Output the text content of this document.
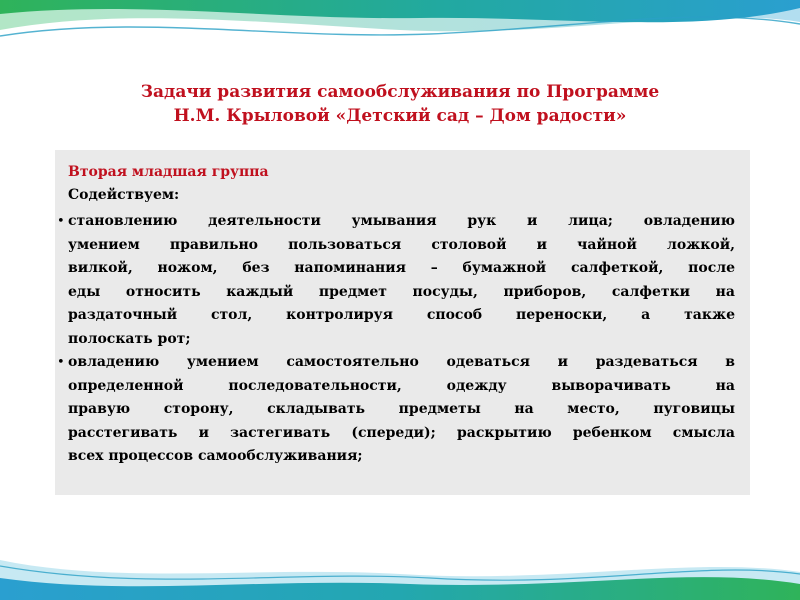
Задачи развития самообслуживания по Программе
Н.М. Крыловой «Детский сад – Дом радости»
Вторая младшая группа
Содействуем:
• становлению деятельности умывания рук и лица; овладению
умением правильно пользоваться столовой и чайной ложкой,
вилкой, ножом, без напоминания – бумажной салфеткой, после
еды относить каждый предмет посуды, приборов, салфетки на
раздаточный стол, контролируя способ переноски, а также
полоскать рот;
• овладению умением самостоятельно одеваться и раздеваться в
определенной последовательности, одежду выворачивать на
правую сторону, складывать предметы на место, пуговицы
расстегивать и застегивать (спереди); раскрытию ребенком смысла
всех процессов самообслуживания;
